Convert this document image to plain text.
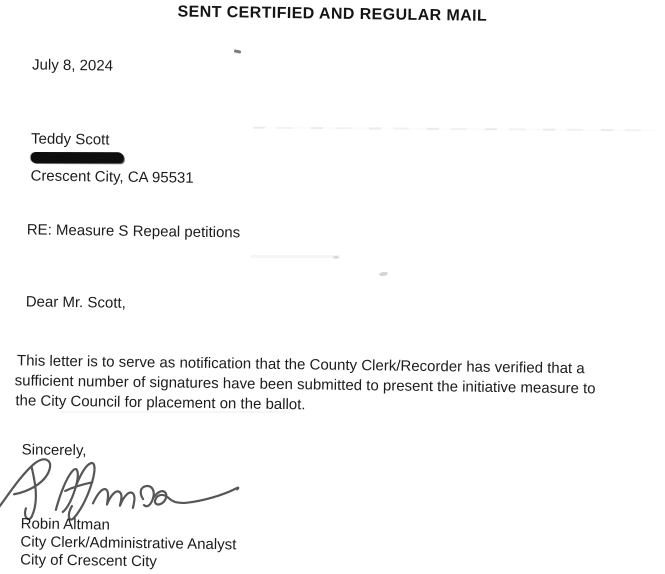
SENT CERTIFIED AND REGULAR MAIL
July 8, 2024
Teddy Scott
Crescent City, CA 95531
RE: Measure S Repeal petitions
Dear Mr. Scott,
This letter is to serve as notification that the County Clerk/Recorder has verified that a
sufficient number of signatures have been submitted to present the initiative measure to
the City Council for placement on the ballot.
Sincerely,
Robin Altman
City Clerk/Administrative Analyst
City of Crescent City
